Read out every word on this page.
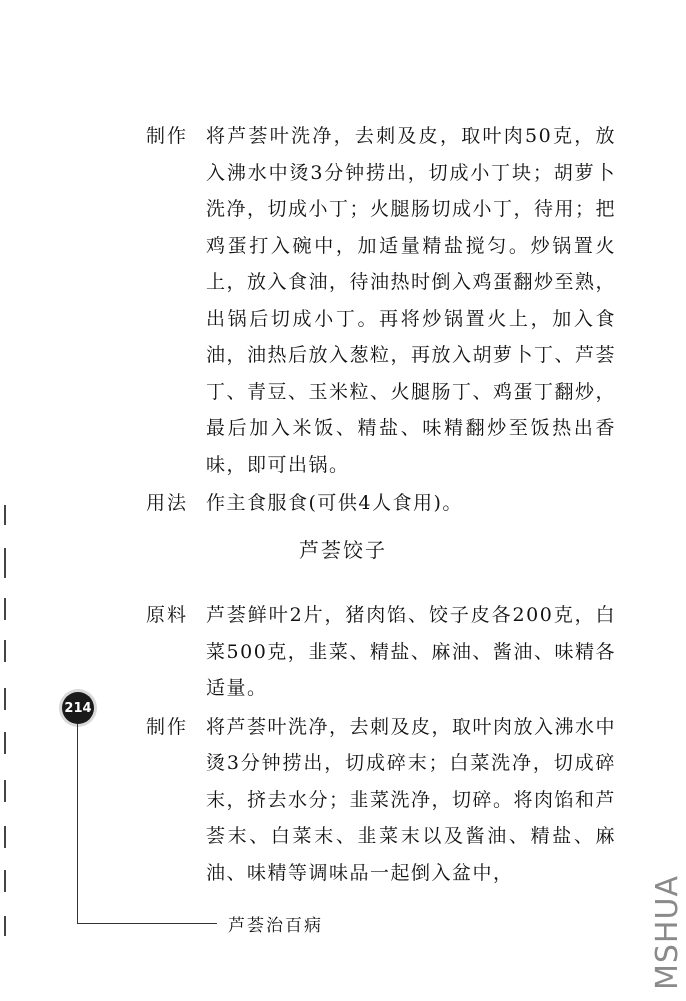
制作 将芦荟叶洗净，去刺及皮，取叶肉50克，放入沸水中烫3分钟捞出，切成小丁块；胡萝卜洗净，切成小丁；火腿肠切成小丁，待用；把鸡蛋打入碗中，加适量精盐搅匀。炒锅置火上，放入食油，待油热时倒入鸡蛋翻炒至熟，出锅后切成小丁。再将炒锅置火上，加入食油，油热后放入葱粒，再放入胡萝卜丁、芦荟丁、青豆、玉米粒、火腿肠丁、鸡蛋丁翻炒，最后加入米饭、精盐、味精翻炒至饭热出香味，即可出锅。
用法 作主食服食(可供4人食用)。
芦荟饺子
原料 芦荟鲜叶2片，猪肉馅、饺子皮各200克，白菜500克，韭菜、精盐、麻油、酱油、味精各适量。
制作 将芦荟叶洗净，去刺及皮，取叶肉放入沸水中烫3分钟捞出，切成碎末；白菜洗净，切成碎末，挤去水分；韭菜洗净，切碎。将肉馅和芦荟末、白菜末、韭菜末以及酱油、精盐、麻油、味精等调味品一起倒入盆中，
214
芦荟治百病	MSHUA
